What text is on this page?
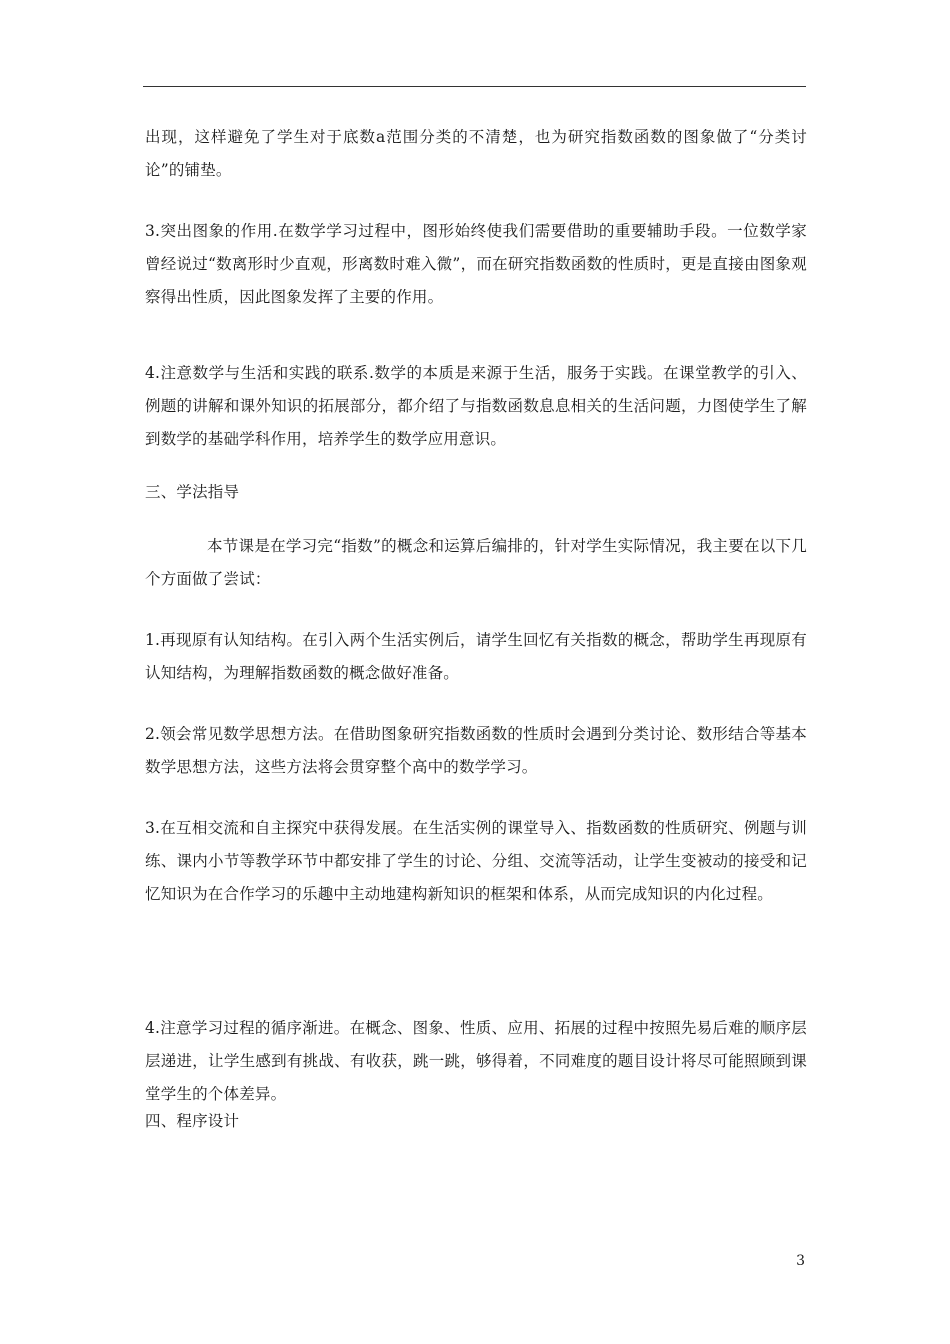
出现，这样避免了学生对于底数a范围分类的不清楚，也为研究指数函数的图象做了“分类讨论”的铺垫。

3.突出图象的作用.在数学学习过程中，图形始终使我们需要借助的重要辅助手段。一位数学家曾经说过“数离形时少直观，形离数时难入微”，而在研究指数函数的性质时，更是直接由图象观察得出性质，因此图象发挥了主要的作用。

4.注意数学与生活和实践的联系.数学的本质是来源于生活，服务于实践。在课堂教学的引入、例题的讲解和课外知识的拓展部分，都介绍了与指数函数息息相关的生活问题，力图使学生了解到数学的基础学科作用，培养学生的数学应用意识。

三、学法指导

本节课是在学习完“指数”的概念和运算后编排的，针对学生实际情况，我主要在以下几个方面做了尝试：

1.再现原有认知结构。在引入两个生活实例后，请学生回忆有关指数的概念，帮助学生再现原有认知结构，为理解指数函数的概念做好准备。

2.领会常见数学思想方法。在借助图象研究指数函数的性质时会遇到分类讨论、数形结合等基本数学思想方法，这些方法将会贯穿整个高中的数学学习。

3.在互相交流和自主探究中获得发展。在生活实例的课堂导入、指数函数的性质研究、例题与训练、课内小节等教学环节中都安排了学生的讨论、分组、交流等活动，让学生变被动的接受和记忆知识为在合作学习的乐趣中主动地建构新知识的框架和体系，从而完成知识的内化过程。

4.注意学习过程的循序渐进。在概念、图象、性质、应用、拓展的过程中按照先易后难的顺序层层递进，让学生感到有挑战、有收获，跳一跳，够得着，不同难度的题目设计将尽可能照顾到课堂学生的个体差异。

四、程序设计

3
